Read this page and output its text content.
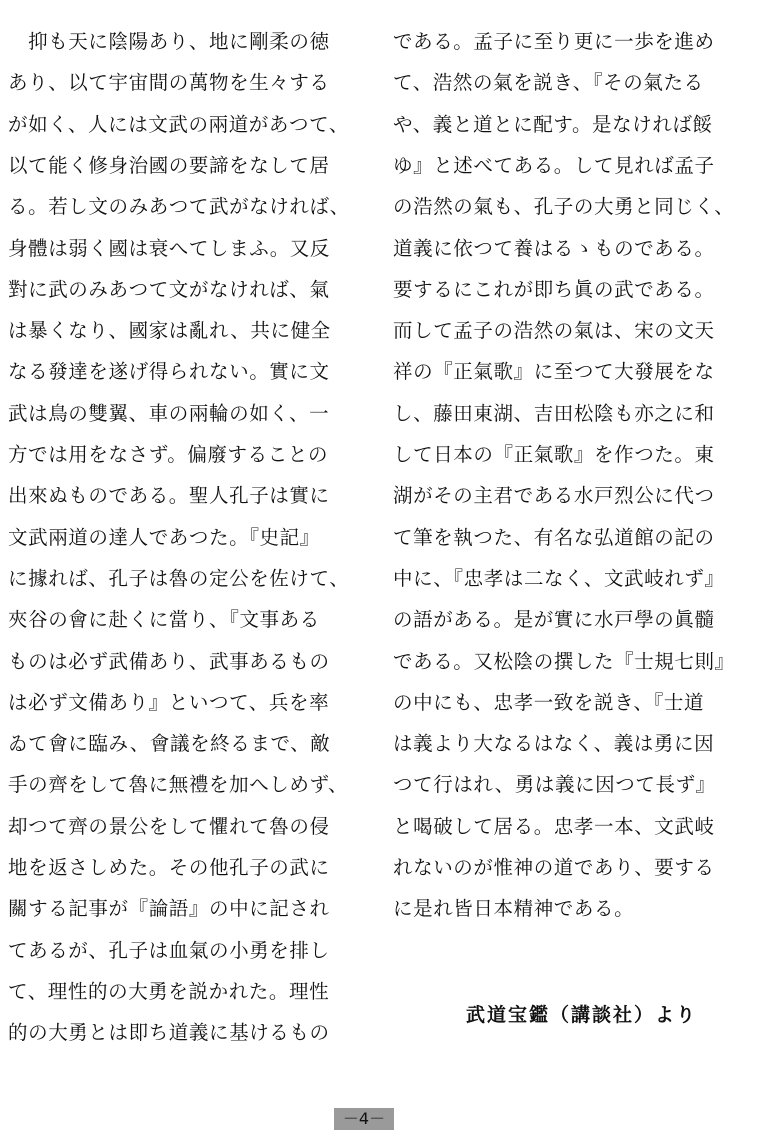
　抑も天に陰陽あり、地に剛柔の徳
あり、以て宇宙間の萬物を生々する
が如く、人には文武の兩道があつて、
以て能く修身治國の要諦をなして居
る。若し文のみあつて武がなければ、
身體は弱く國は衰へてしまふ。又反
對に武のみあつて文がなければ、氣
は暴くなり、國家は亂れ、共に健全
なる發達を遂げ得られない。實に文
武は鳥の雙翼、車の兩輪の如く、一
方では用をなさず。偏廢することの
出來ぬものである。聖人孔子は實に
文武兩道の達人であつた。『史記』
に據れば、孔子は魯の定公を佐けて、
夾谷の會に赴くに當り、『文事ある
ものは必ず武備あり、武事あるもの
は必ず文備あり』といつて、兵を率
ゐて會に臨み、會議を終るまで、敵
手の齊をして魯に無禮を加へしめず、
却つて齊の景公をして懼れて魯の侵
地を返さしめた。その他孔子の武に
關する記事が『論語』の中に記され
てあるが、孔子は血氣の小勇を排し
て、理性的の大勇を説かれた。理性
的の大勇とは即ち道義に基けるもの
である。孟子に至り更に一歩を進め
て、浩然の氣を説き、『その氣たる
や、義と道とに配す。是なければ餒
ゆ』と述べてある。して見れば孟子
の浩然の氣も、孔子の大勇と同じく、
道義に依つて養はるゝものである。
要するにこれが即ち眞の武である。
而して孟子の浩然の氣は、宋の文天
祥の『正氣歌』に至つて大發展をな
し、藤田東湖、吉田松陰も亦之に和
して日本の『正氣歌』を作つた。東
湖がその主君である水戸烈公に代つ
て筆を執つた、有名な弘道館の記の
中に、『忠孝は二なく、文武岐れず』
の語がある。是が實に水戸學の眞髓
である。又松陰の撰した『士規七則』
の中にも、忠孝一致を説き、『士道
は義より大なるはなく、義は勇に因
つて行はれ、勇は義に因つて長ず』
と喝破して居る。忠孝一本、文武岐
れないのが惟神の道であり、要する
に是れ皆日本精神である。
武道宝鑑（講談社）より
－4－
